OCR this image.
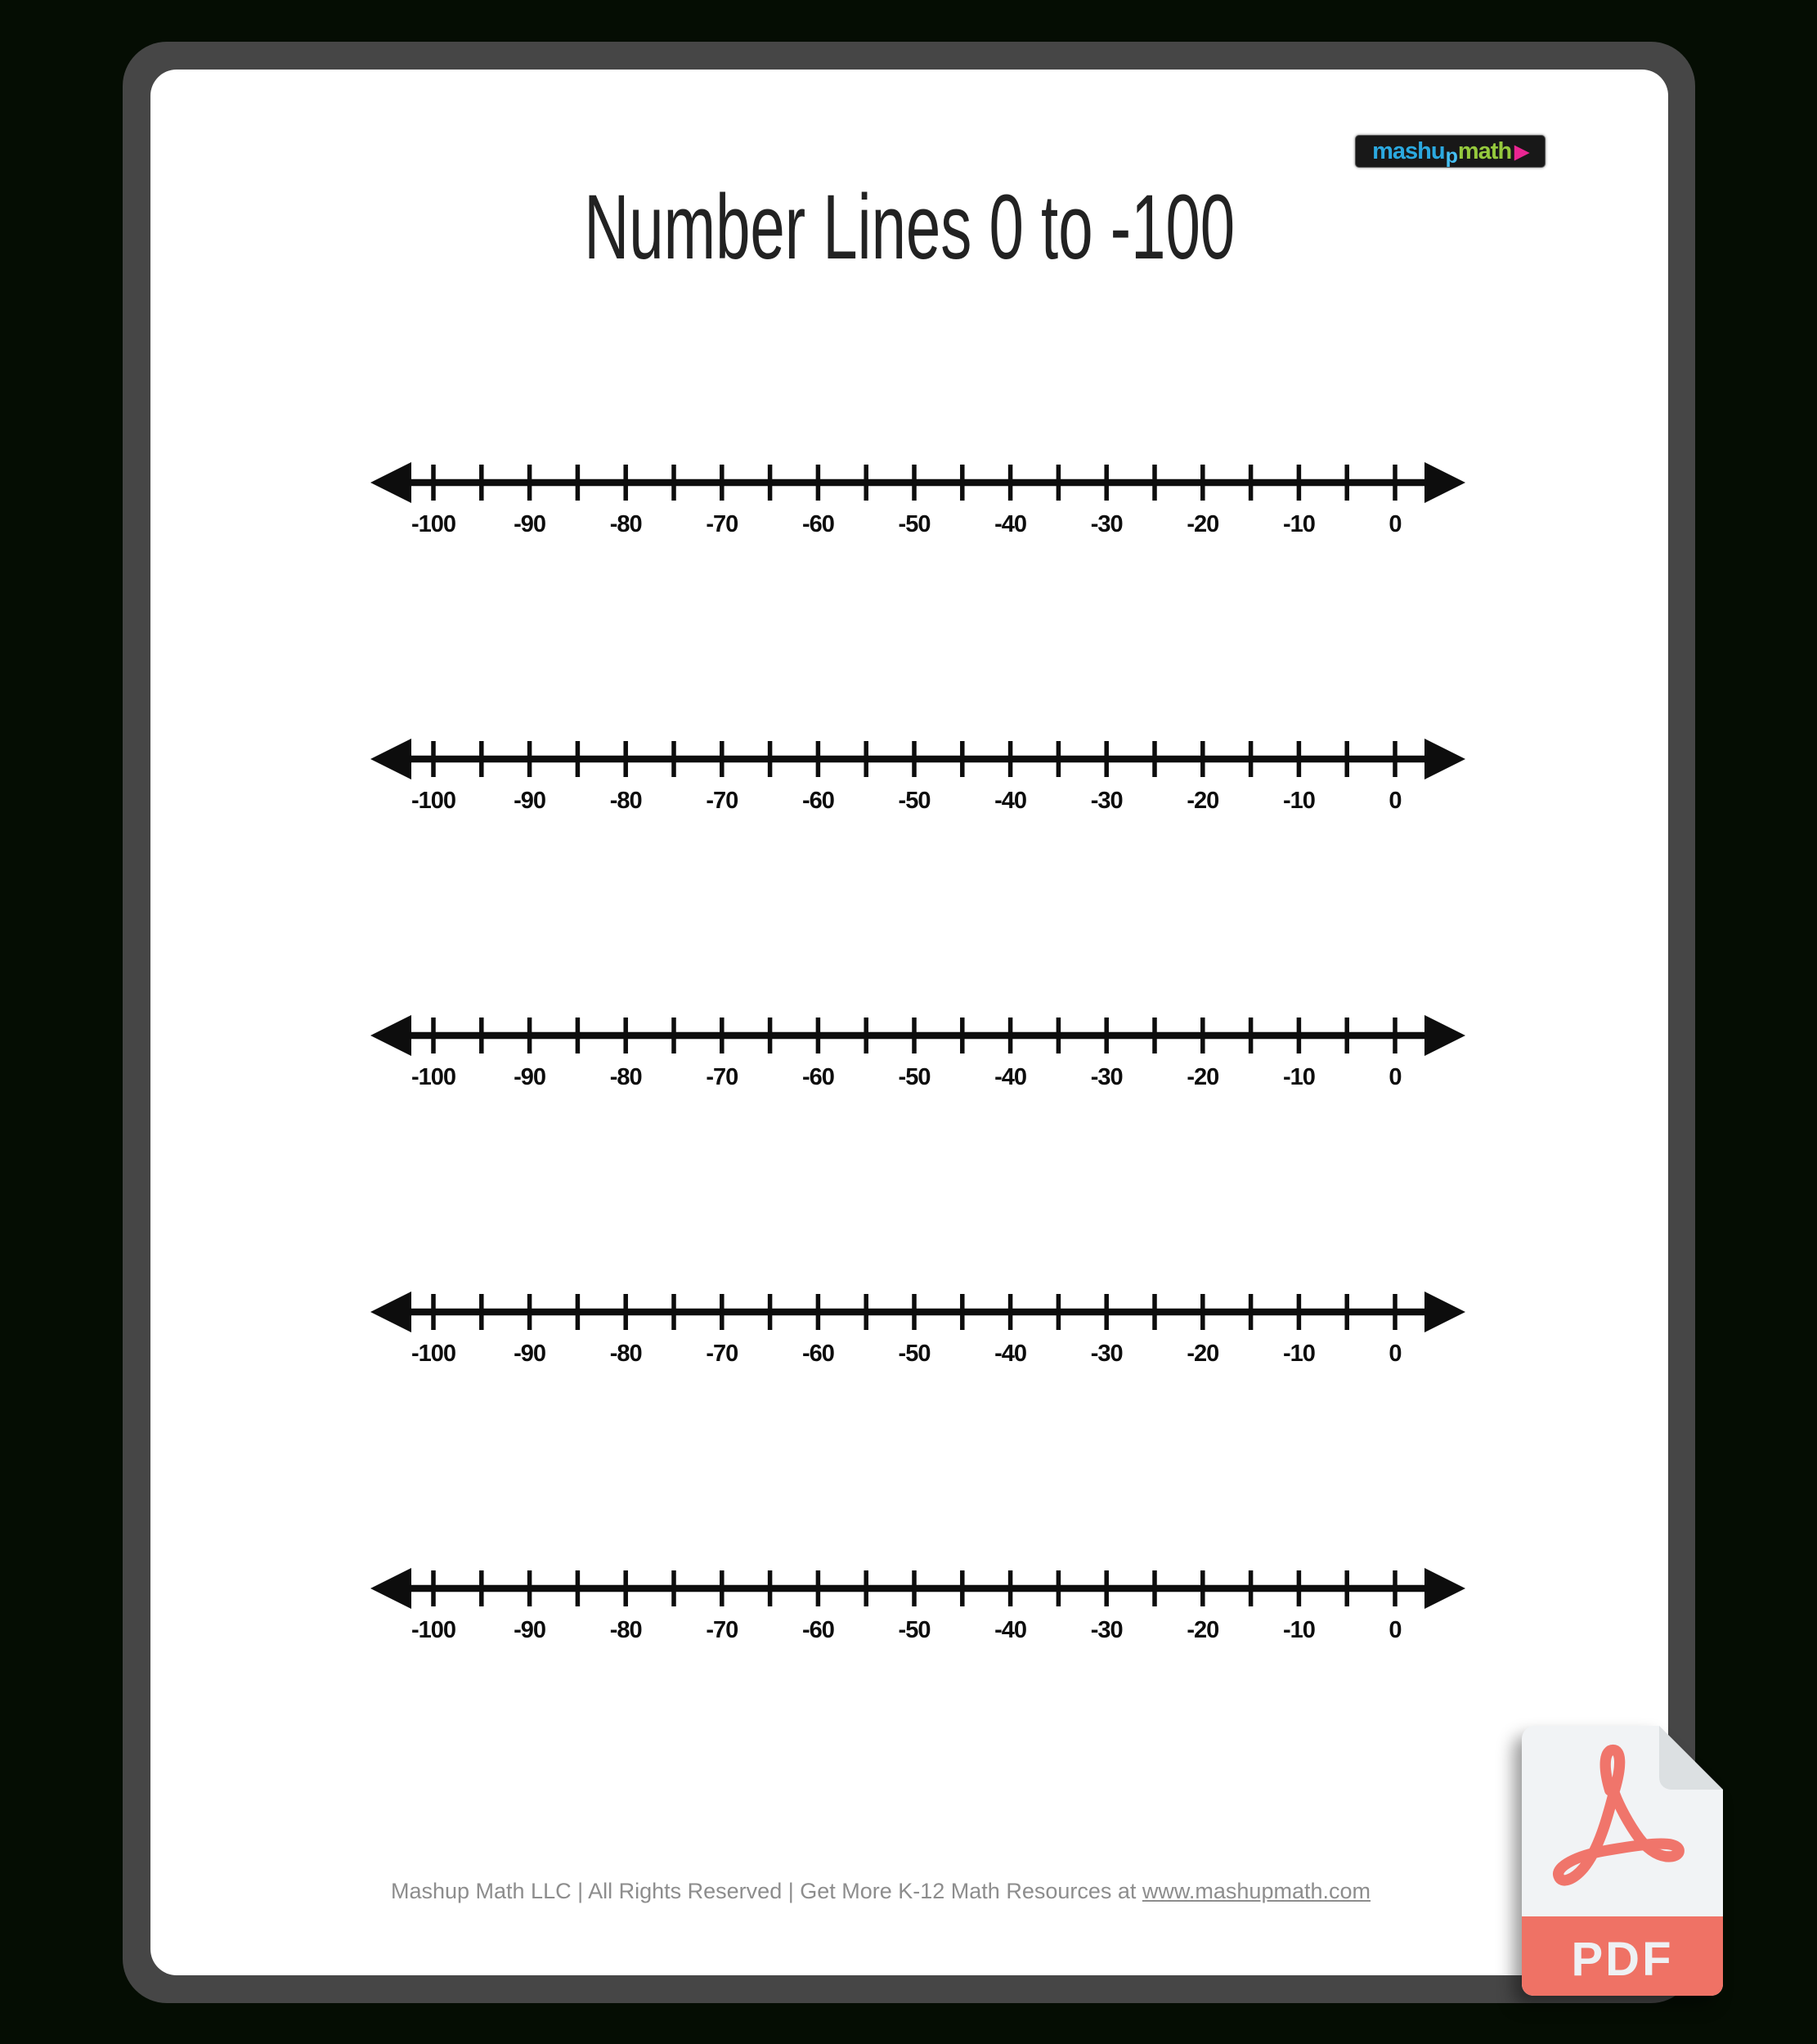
mashu p math ▶
Number Lines 0 to -100
-100 -90	-80	-70	-60	-50	-40	-30	-20	-10	0
-100 -90	-80	-70	-60	-50	-40	-30	-20	-10	0
-100 -90	-80	-70	-60	-50	-40	-30	-20	-10	0
-100 -90	-80	-70	-60	-50	-40	-30	-20	-10	0
-100 -90	-80	-70	-60	-50	-40	-30	-20	-10	0
Mashup Math LLC | All Rights Reserved | Get More K-12 Math Resources at www.mashupmath.com
PDF
